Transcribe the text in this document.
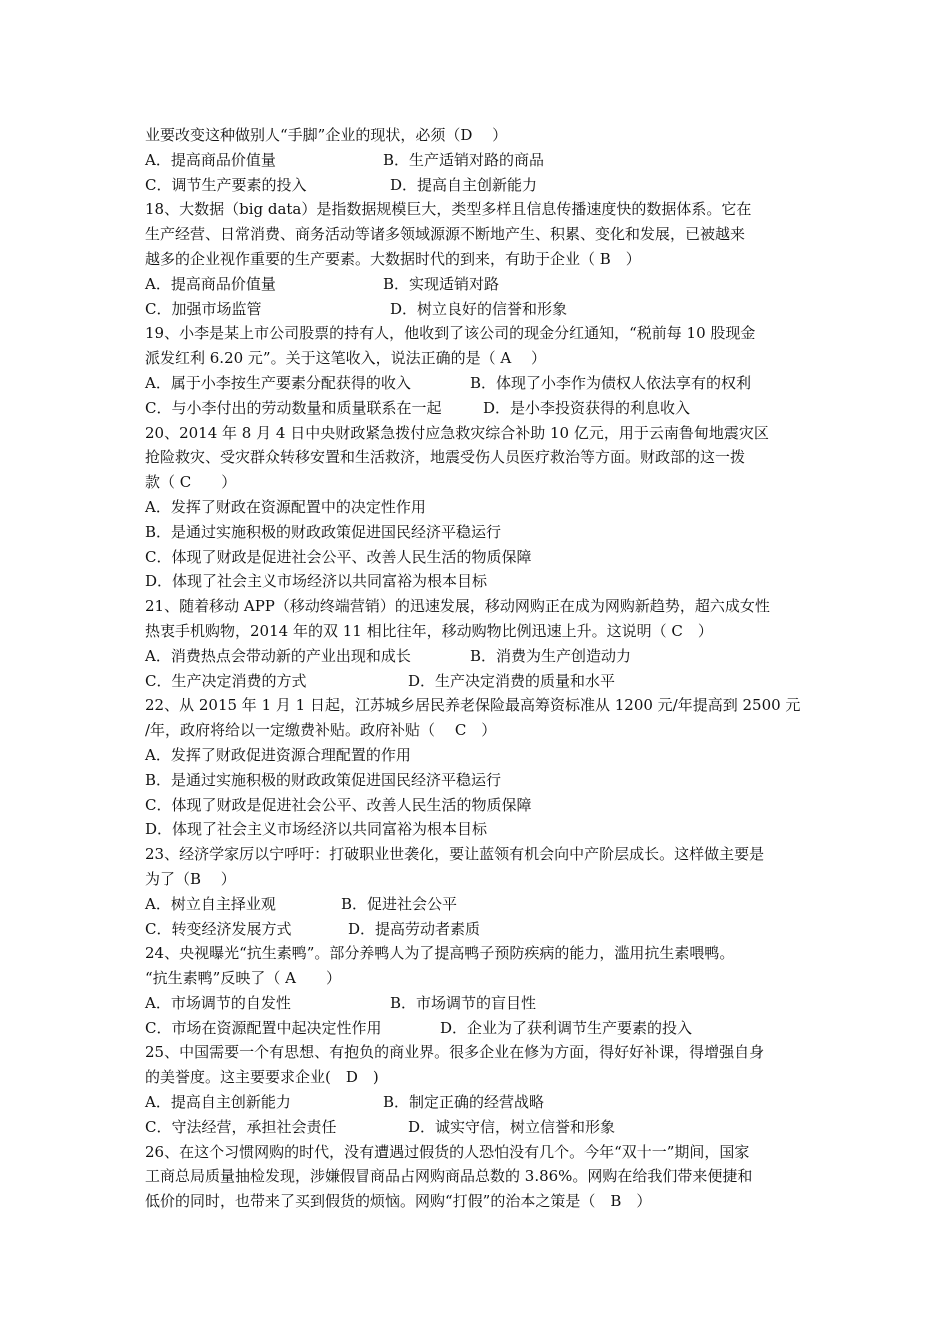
业要改变这种做别人“手脚”企业的现状，必须（D　 ）
A．提高商品价值量	B．生产适销对路的商品
C．调节生产要素的投入	D．提高自主创新能力
18、大数据（big data）是指数据规模巨大，类型多样且信息传播速度快的数据体系。它在
生产经营、日常消费、商务活动等诸多领域源源不断地产生、积累、变化和发展，已被越来
越多的企业视作重要的生产要素。大数据时代的到来，有助于企业（ B　）
A．提高商品价值量	B．实现适销对路
C．加强市场监管	D．树立良好的信誉和形象
19、小李是某上市公司股票的持有人，他收到了该公司的现金分红通知，“税前每 10 股现金
派发红利 6.20 元”。关于这笔收入，说法正确的是（ A　 ）
A．属于小李按生产要素分配获得的收入	B．体现了小李作为债权人依法享有的权利
C．与小李付出的劳动数量和质量联系在一起	D．是小李投资获得的利息收入
20、2014 年 8 月 4 日中央财政紧急拨付应急救灾综合补助 10 亿元，用于云南鲁甸地震灾区
抢险救灾、受灾群众转移安置和生活救济，地震受伤人员医疗救治等方面。财政部的这一拨
款（ C　　）
A．发挥了财政在资源配置中的决定性作用
B．是通过实施积极的财政政策促进国民经济平稳运行
C．体现了财政是促进社会公平、改善人民生活的物质保障
D．体现了社会主义市场经济以共同富裕为根本目标
21、随着移动 APP（移动终端营销）的迅速发展，移动网购正在成为网购新趋势，超六成女性
热衷手机购物，2014 年的双 11 相比往年，移动购物比例迅速上升。这说明（ C　）
A．消费热点会带动新的产业出现和成长	B．消费为生产创造动力
C．生产决定消费的方式	D．生产决定消费的质量和水平
22、从 2015 年 1 月 1 日起，江苏城乡居民养老保险最高筹资标准从 1200 元/年提高到 2500 元
/年，政府将给以一定缴费补贴。政府补贴（　 C　）
A．发挥了财政促进资源合理配置的作用
B．是通过实施积极的财政政策促进国民经济平稳运行
C．体现了财政是促进社会公平、改善人民生活的物质保障
D．体现了社会主义市场经济以共同富裕为根本目标
23、经济学家厉以宁呼吁：打破职业世袭化，要让蓝领有机会向中产阶层成长。这样做主要是
为了（B　 ）
A．树立自主择业观	B．促进社会公平
C．转变经济发展方式	D．提高劳动者素质
24、央视曝光“抗生素鸭”。部分养鸭人为了提高鸭子预防疾病的能力，滥用抗生素喂鸭。
“抗生素鸭”反映了（ A　　）
A．市场调节的自发性	B．市场调节的盲目性
C．市场在资源配置中起决定性作用	D．企业为了获利调节生产要素的投入
25、中国需要一个有思想、有抱负的商业界。很多企业在修为方面，得好好补课，得增强自身
的美誉度。这主要要求企业(　D　)
A．提高自主创新能力	B．制定正确的经营战略
C．守法经营，承担社会责任	D．诚实守信，树立信誉和形象
26、在这个习惯网购的时代，没有遭遇过假货的人恐怕没有几个。今年“双十一”期间，国家
工商总局质量抽检发现，涉嫌假冒商品占网购商品总数的 3.86%。网购在给我们带来便捷和
低价的同时，也带来了买到假货的烦恼。网购“打假”的治本之策是（　B　）
